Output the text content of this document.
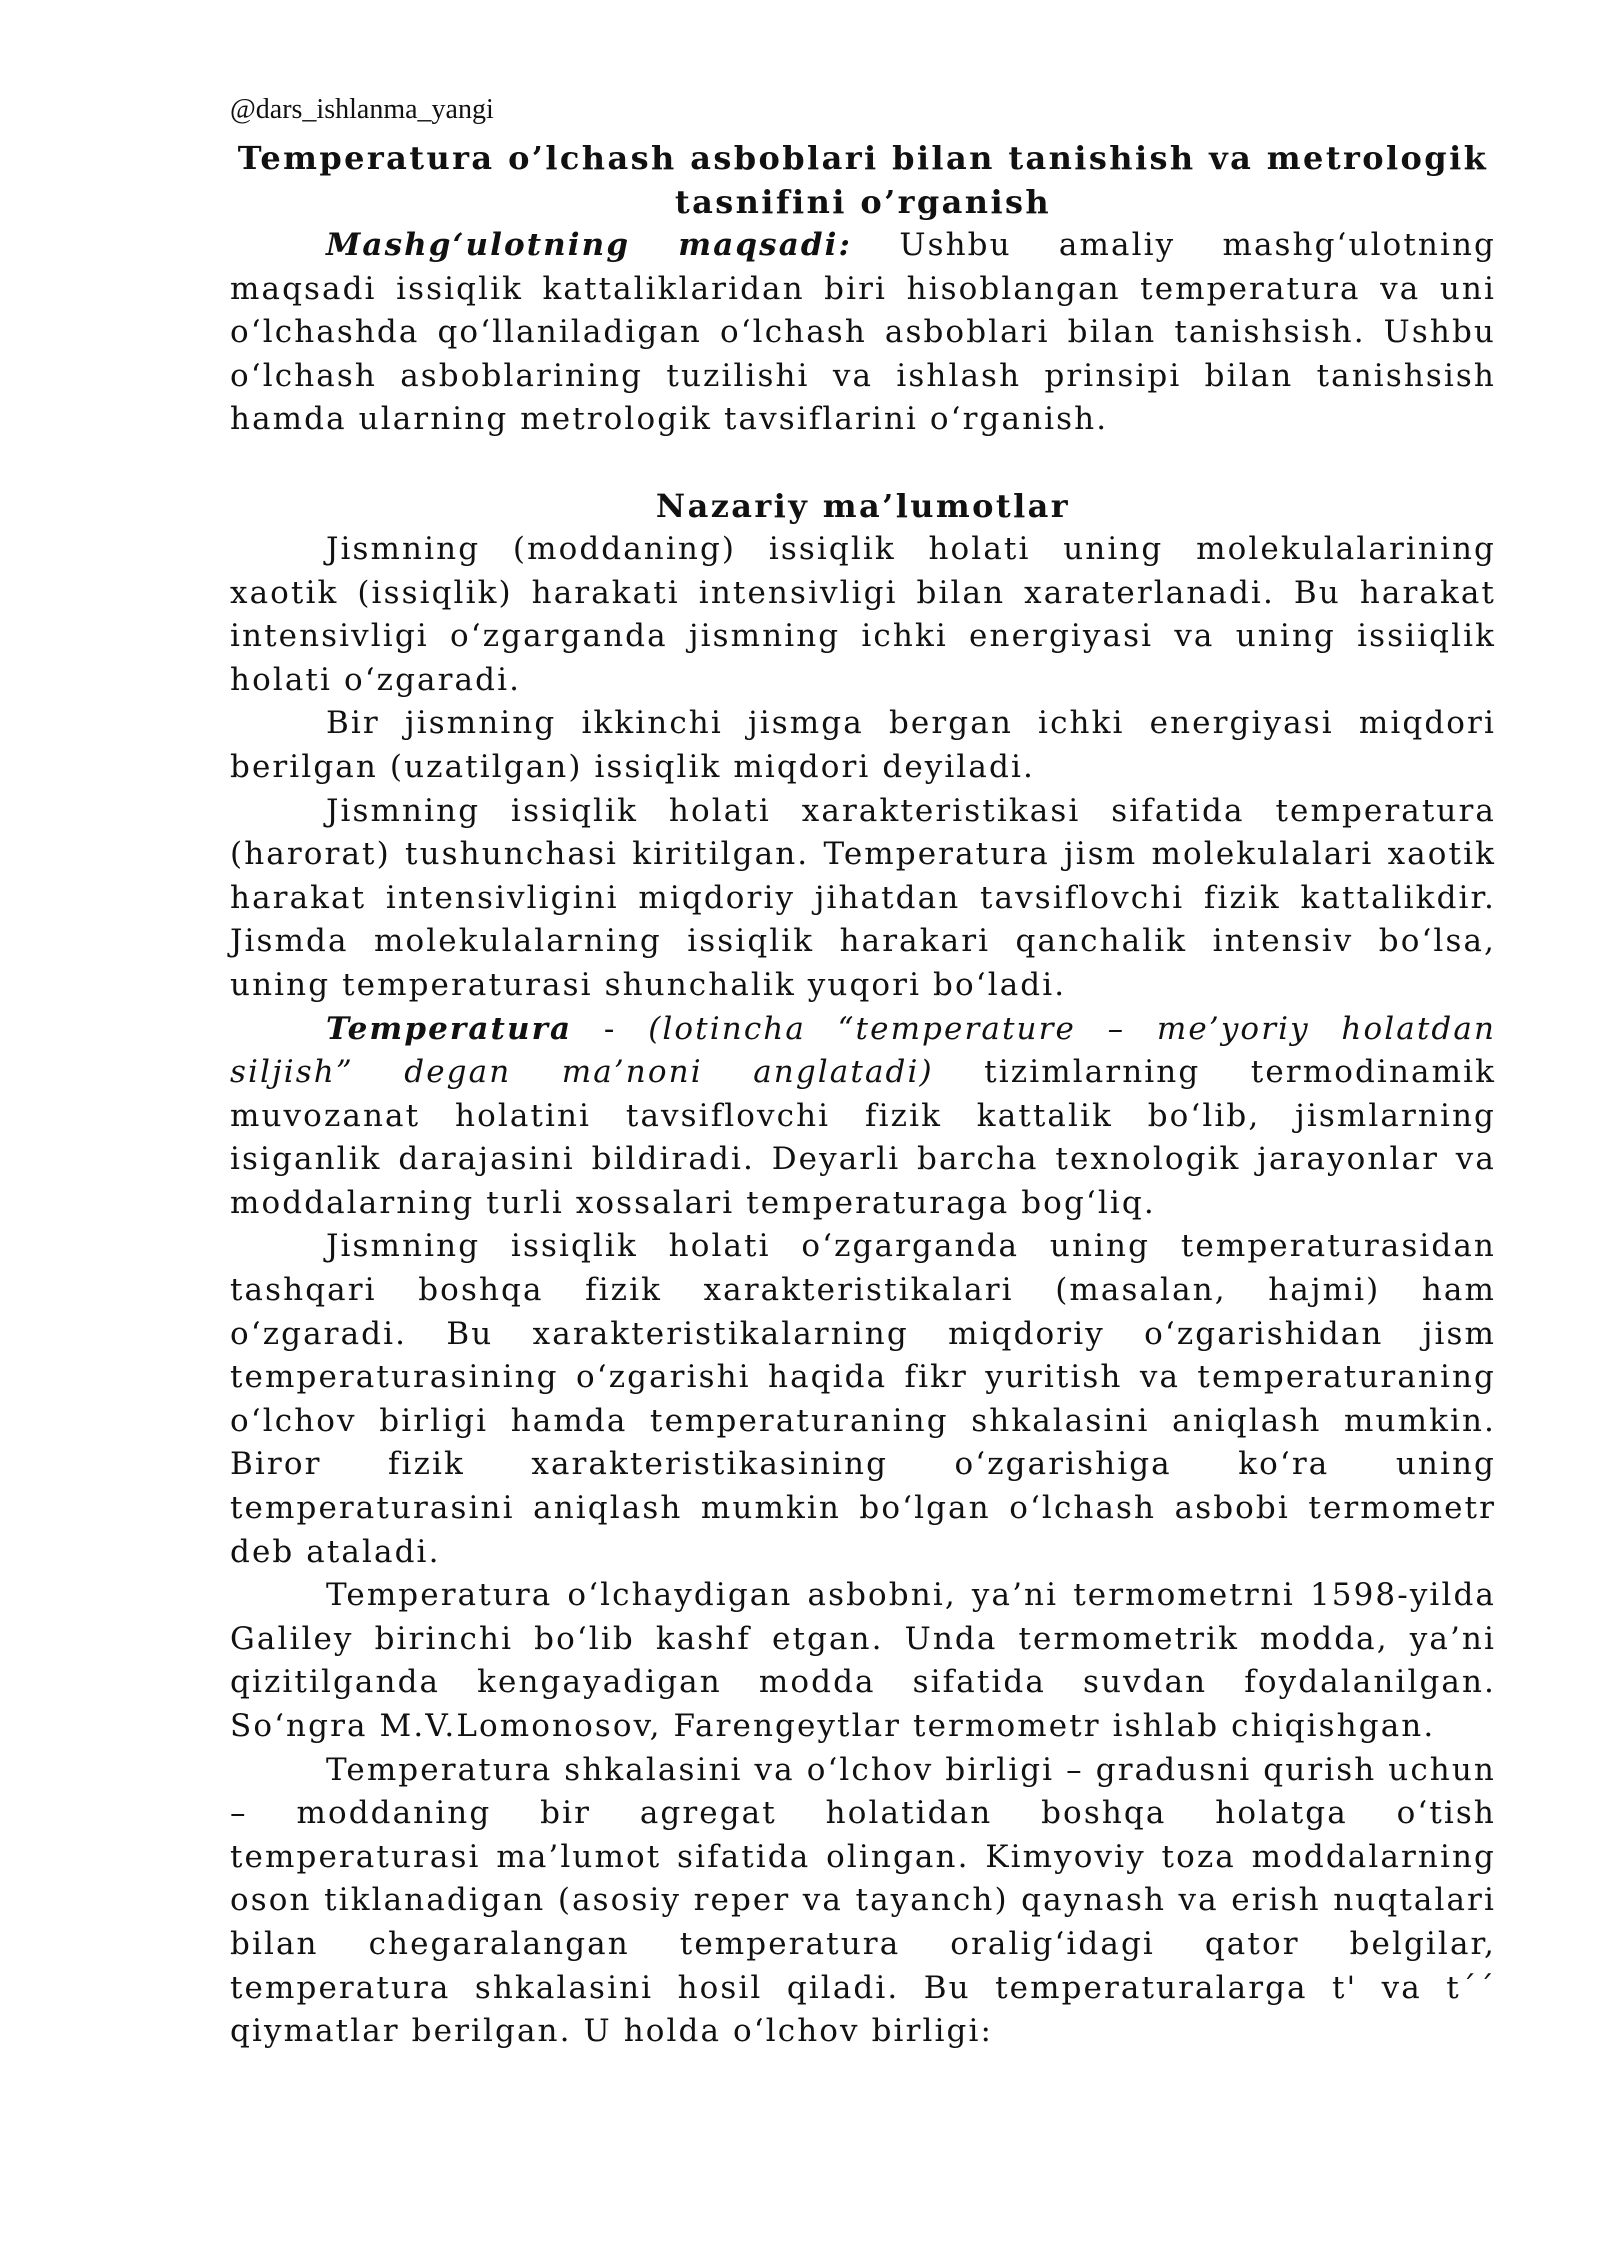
@dars_ishlanma_yangi
Temperatura o’lchash asboblari bilan tanishish va metrologik tasnifini o’rganish

Mashg‘ulotning maqsadi: Ushbu amaliy mashg‘ulotning maqsadi issiqlik kattaliklaridan biri hisoblangan temperatura va uni o‘lchashda qo‘llaniladigan o‘lchash asboblari bilan tanishsish. Ushbu o‘lchash asboblarining tuzilishi va ishlash prinsipi bilan tanishsish hamda ularning metrologik tavsiflarini o‘rganish.

Nazariy ma’lumotlar

Jismning (moddaning) issiqlik holati uning molekulalarining xaotik (issiqlik) harakati intensivligi bilan xaraterlanadi. Bu harakat intensivligi o‘zgarganda jismning ichki energiyasi va uning issiiqlik holati o‘zgaradi.

Bir jismning ikkinchi jismga bergan ichki energiyasi miqdori berilgan (uzatilgan) issiqlik miqdori deyiladi.

Jismning issiqlik holati xarakteristikasi sifatida temperatura (harorat) tushunchasi kiritilgan. Temperatura jism molekulalari xaotik harakat intensivligini miqdoriy jihatdan tavsiflovchi fizik kattalikdir. Jismda molekulalarning issiqlik harakari qanchalik intensiv bo‘lsa, uning temperaturasi shunchalik yuqori bo‘ladi.

Temperatura - (lotincha “temperature – me’yoriy holatdan siljish” degan ma’noni anglatadi) tizimlarning termodinamik muvozanat holatini tavsiflovchi fizik kattalik bo‘lib, jismlarning isiganlik darajasini bildiradi. Deyarli barcha texnologik jarayonlar va moddalarning turli xossalari temperaturaga bog‘liq.

Jismning issiqlik holati o‘zgarganda uning temperaturasidan tashqari boshqa fizik xarakteristikalari (masalan, hajmi) ham o‘zgaradi. Bu xarakteristikalarning miqdoriy o‘zgarishidan jism temperaturasining o‘zgarishi haqida fikr yuritish va temperaturaning o‘lchov birligi hamda temperaturaning shkalasini aniqlash mumkin. Biror fizik xarakteristikasining o‘zgarishiga ko‘ra uning temperaturasini aniqlash mumkin bo‘lgan o‘lchash asbobi termometr deb ataladi.

Temperatura o‘lchaydigan asbobni, ya’ni termometrni 1598-yilda Galiley birinchi bo‘lib kashf etgan. Unda termometrik modda, ya’ni qizitilganda kengayadigan modda sifatida suvdan foydalanilgan. So‘ngra M.V.Lomonosov, Farengeytlar termometr ishlab chiqishgan.

Temperatura shkalasini va o‘lchov birligi – gradusni qurish uchun – moddaning bir agregat holatidan boshqa holatga o‘tish temperaturasi ma’lumot sifatida olingan. Kimyoviy toza moddalarning oson tiklanadigan (asosiy reper va tayanch) qaynash va erish nuqtalari bilan chegaralangan temperatura oralig‘idagi qator belgilar, temperatura shkalasini hosil qiladi. Bu temperaturalarga t' va t´´ qiymatlar berilgan. U holda o‘lchov birligi:
